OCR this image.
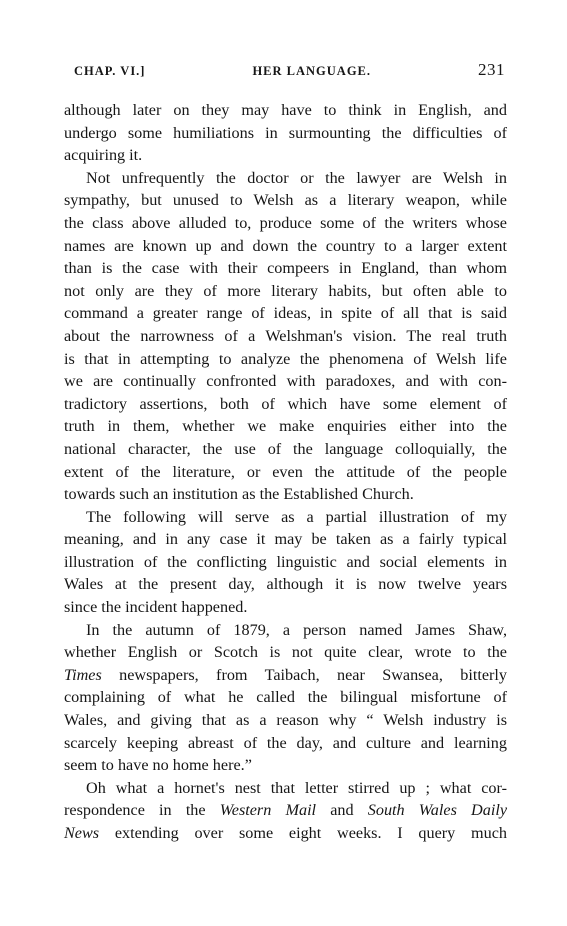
CHAP. VI.]	HER LANGUAGE.	231
although later on they may have to think in English, and
undergo some humiliations in surmounting the difficulties of
acquiring it.
Not unfrequently the doctor or the lawyer are Welsh in
sympathy, but unused to Welsh as a literary weapon, while
the class above alluded to, produce some of the writers whose
names are known up and down the country to a larger extent
than is the case with their compeers in England, than whom
not only are they of more literary habits, but often able to
command a greater range of ideas, in spite of all that is said
about the narrowness of a Welshman's vision. The real truth
is that in attempting to analyze the phenomena of Welsh life
we are continually confronted with paradoxes, and with con-
tradictory assertions, both of which have some element of
truth in them, whether we make enquiries either into the
national character, the use of the language colloquially, the
extent of the literature, or even the attitude of the people
towards such an institution as the Established Church.
The following will serve as a partial illustration of my
meaning, and in any case it may be taken as a fairly typical
illustration of the conflicting linguistic and social elements in
Wales at the present day, although it is now twelve years
since the incident happened.
In the autumn of 1879, a person named James Shaw,
whether English or Scotch is not quite clear, wrote to the
Times newspapers, from Taibach, near Swansea, bitterly
complaining of what he called the bilingual misfortune of
Wales, and giving that as a reason why “ Welsh industry is
scarcely keeping abreast of the day, and culture and learning
seem to have no home here.”
Oh what a hornet's nest that letter stirred up ; what cor-
respondence in the Western Mail and South Wales Daily
News extending over some eight weeks. I query much
